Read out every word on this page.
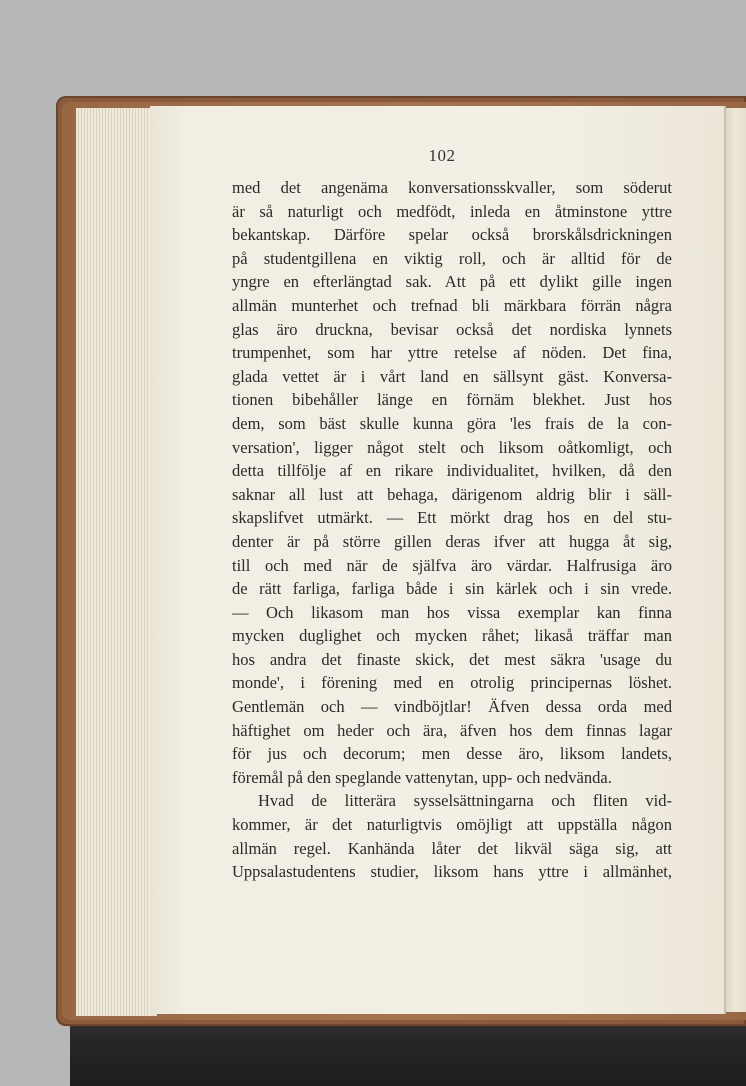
102
med det angenäma konversationsskvaller, som söderut
är så naturligt och medfödt, inleda en åtminstone yttre
bekantskap. Därföre spelar också brorskålsdrickningen
på studentgillena en viktig roll, och är alltid för de
yngre en efterlängtad sak. Att på ett dylikt gille ingen
allmän munterhet och trefnad bli märkbara förrän några
glas äro druckna, bevisar också det nordiska lynnets
trumpenhet, som har yttre retelse af nöden. Det fina,
glada vettet är i vårt land en sällsynt gäst. Konversa-
tionen bibehåller länge en förnäm blekhet. Just hos
dem, som bäst skulle kunna göra 'les frais de la con-
versation', ligger något stelt och liksom oåtkomligt, och
detta tillfölje af en rikare individualitet, hvilken, då den
saknar all lust att behaga, därigenom aldrig blir i säll-
skapslifvet utmärkt. — Ett mörkt drag hos en del stu-
denter är på större gillen deras ifver att hugga åt sig,
till och med när de själfva äro värdar. Halfrusiga äro
de rätt farliga, farliga både i sin kärlek och i sin vrede.
— Och likasom man hos vissa exemplar kan finna
mycken duglighet och mycken råhet; likaså träffar man
hos andra det finaste skick, det mest säkra 'usage du
monde', i förening med en otrolig principernas löshet.
Gentlemän och — vindböjtlar! Äfven dessa orda med
häftighet om heder och ära, äfven hos dem finnas lagar
för jus och decorum; men desse äro, liksom landets,
föremål på den speglande vattenytan, upp- och nedvända.
Hvad de litterära sysselsättningarna och fliten vid-
kommer, är det naturligtvis omöjligt att uppställa någon
allmän regel. Kanhända låter det likväl säga sig, att
Uppsalastudentens studier, liksom hans yttre i allmänhet,
